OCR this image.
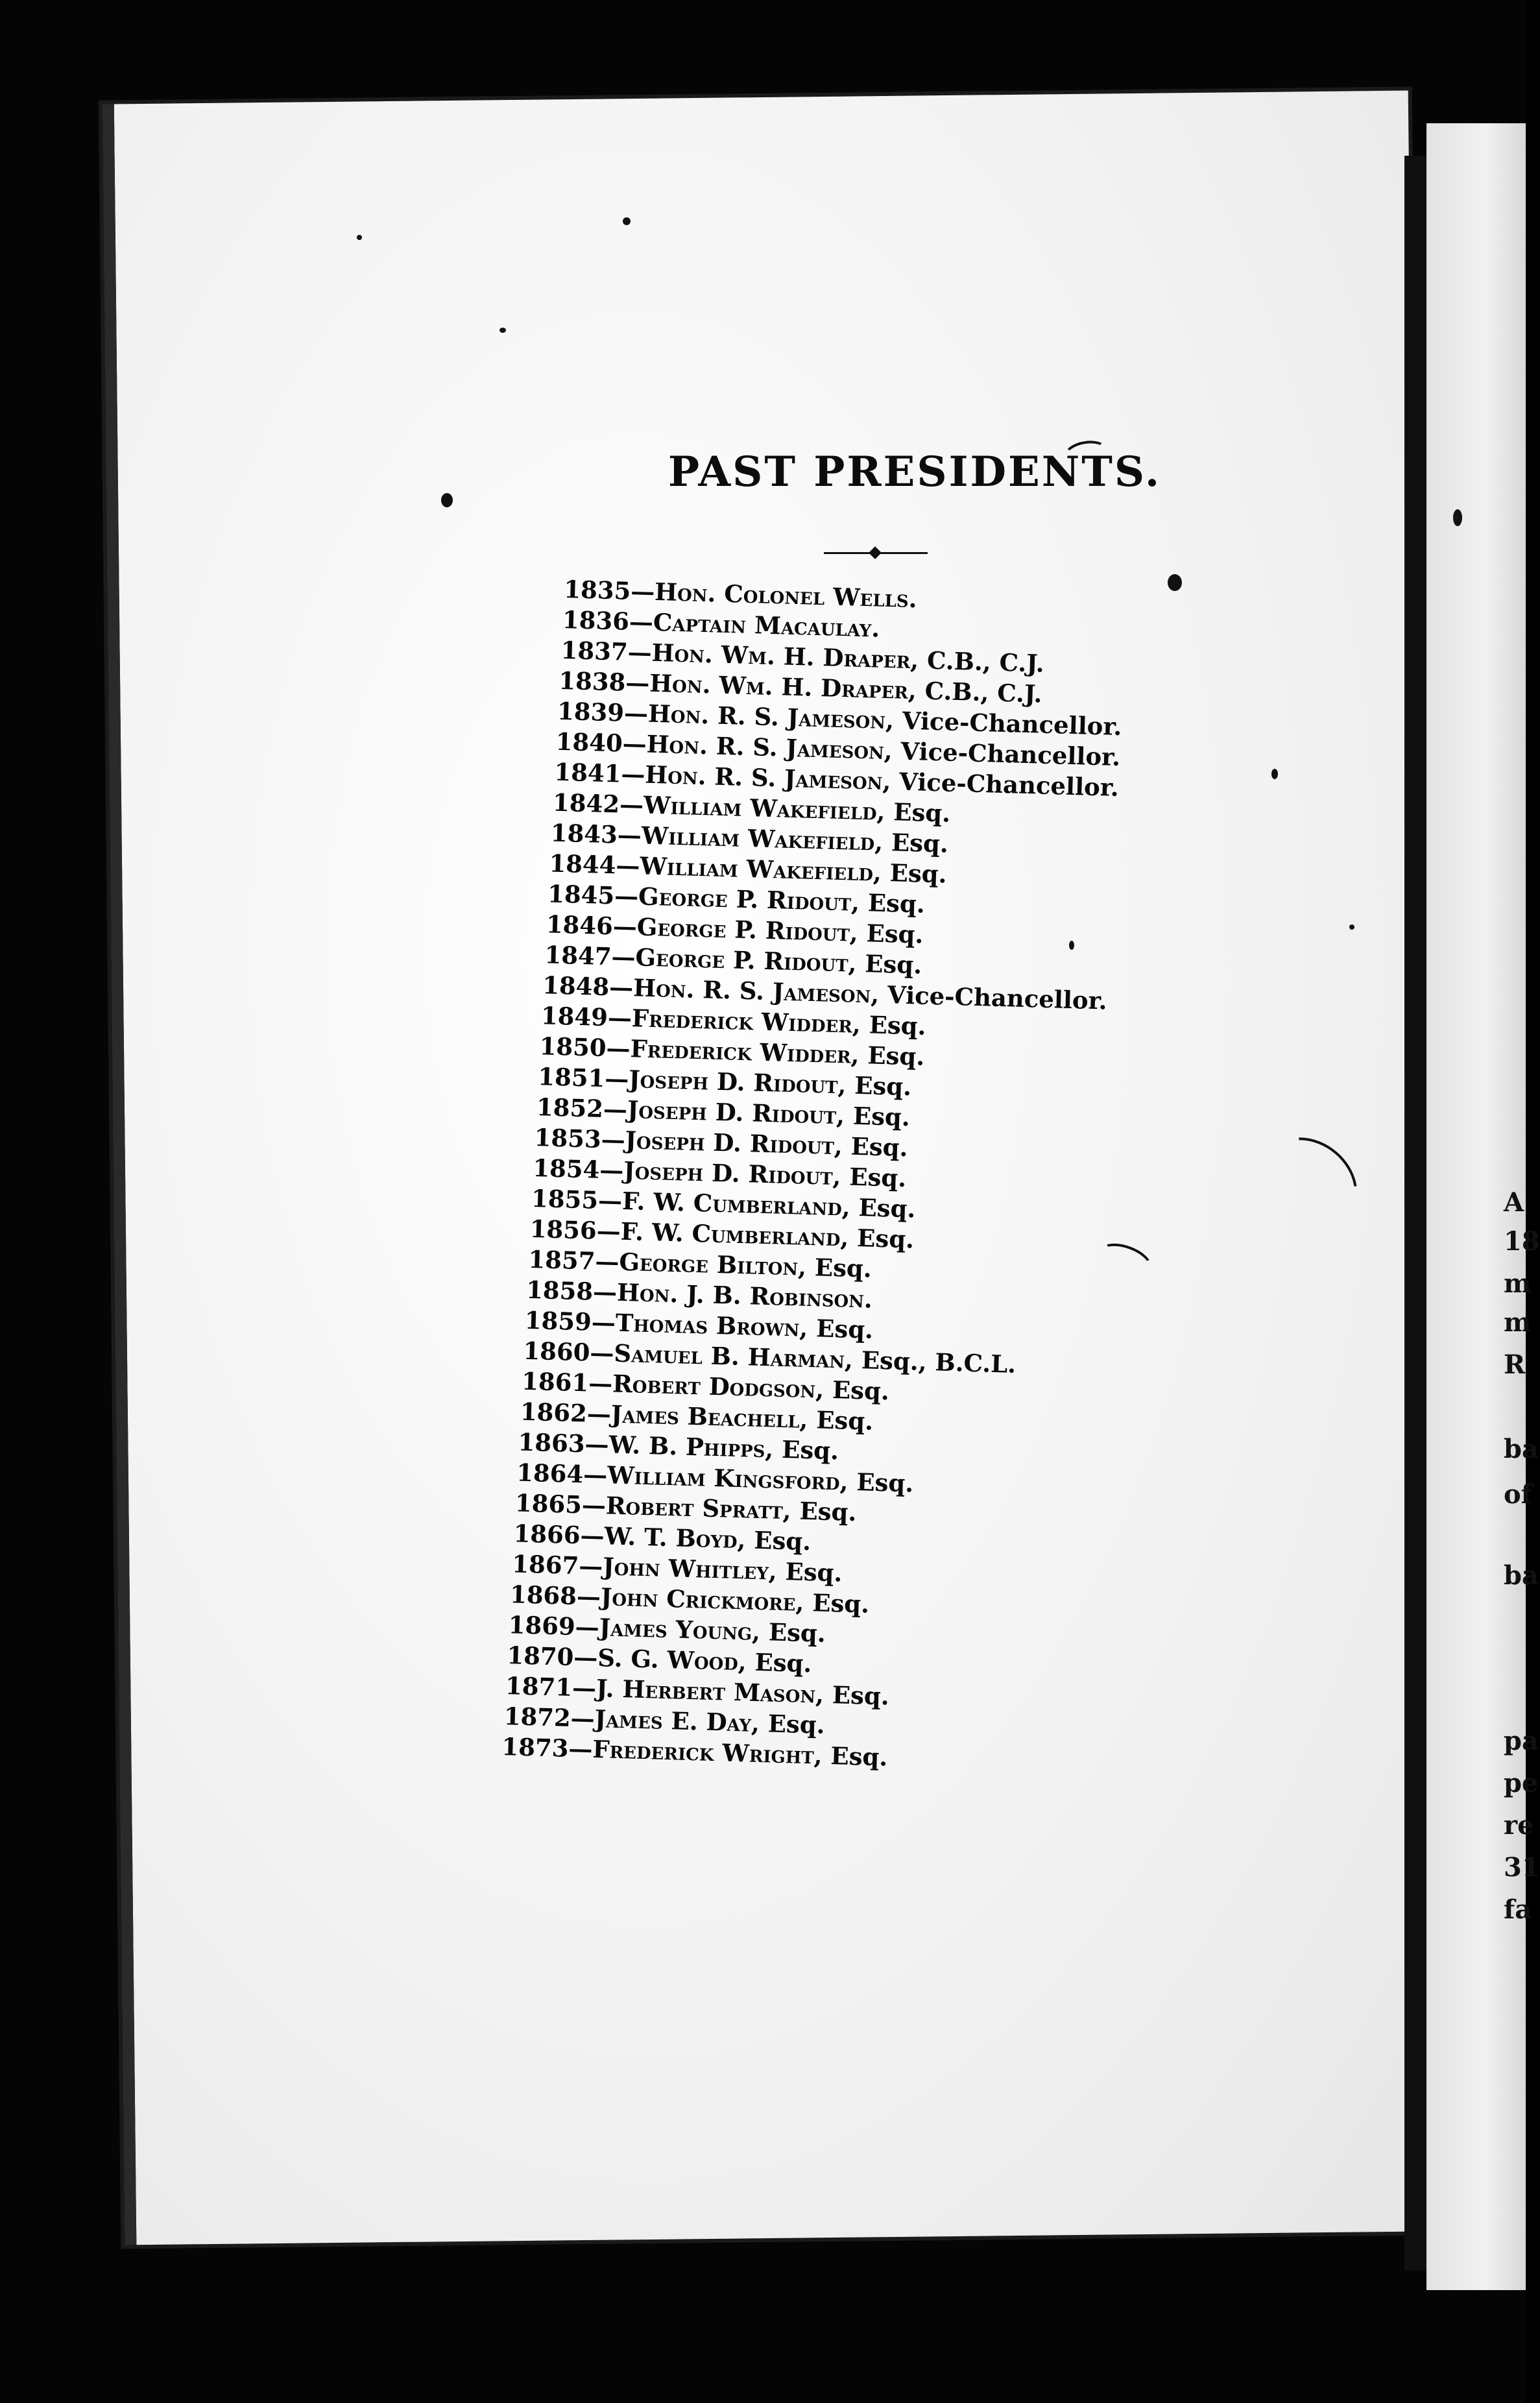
A
18
m
m
R
ba
of
ba
pa
pe
re
31
fa
PAST PRESIDENTS.
1835—Hon. Colonel Wells.
1836—Captain Macaulay.
1837—Hon. Wm. H. Draper, C.B., C.J.
1838—Hon. Wm. H. Draper, C.B., C.J.
1839—Hon. R. S. Jameson, Vice-Chancellor.
1840—Hon. R. S. Jameson, Vice-Chancellor.
1841—Hon. R. S. Jameson, Vice-Chancellor.
1842—William Wakefield, Esq.
1843—William Wakefield, Esq.
1844—William Wakefield, Esq.
1845—George P. Ridout, Esq.
1846—George P. Ridout, Esq.
1847—George P. Ridout, Esq.
1848—Hon. R. S. Jameson, Vice-Chancellor.
1849—Frederick Widder, Esq.
1850—Frederick Widder, Esq.
1851—Joseph D. Ridout, Esq.
1852—Joseph D. Ridout, Esq.
1853—Joseph D. Ridout, Esq.
1854—Joseph D. Ridout, Esq.
1855—F. W. Cumberland, Esq.
1856—F. W. Cumberland, Esq.
1857—George Bilton, Esq.
1858—Hon. J. B. Robinson.
1859—Thomas Brown, Esq.
1860—Samuel B. Harman, Esq., B.C.L.
1861—Robert Dodgson, Esq.
1862—James Beachell, Esq.
1863—W. B. Phipps, Esq.
1864—William Kingsford, Esq.
1865—Robert Spratt, Esq.
1866—W. T. Boyd, Esq.
1867—John Whitley, Esq.
1868—John Crickmore, Esq.
1869—James Young, Esq.
1870—S. G. Wood, Esq.
1871—J. Herbert Mason, Esq.
1872—James E. Day, Esq.
1873—Frederick Wright, Esq.
